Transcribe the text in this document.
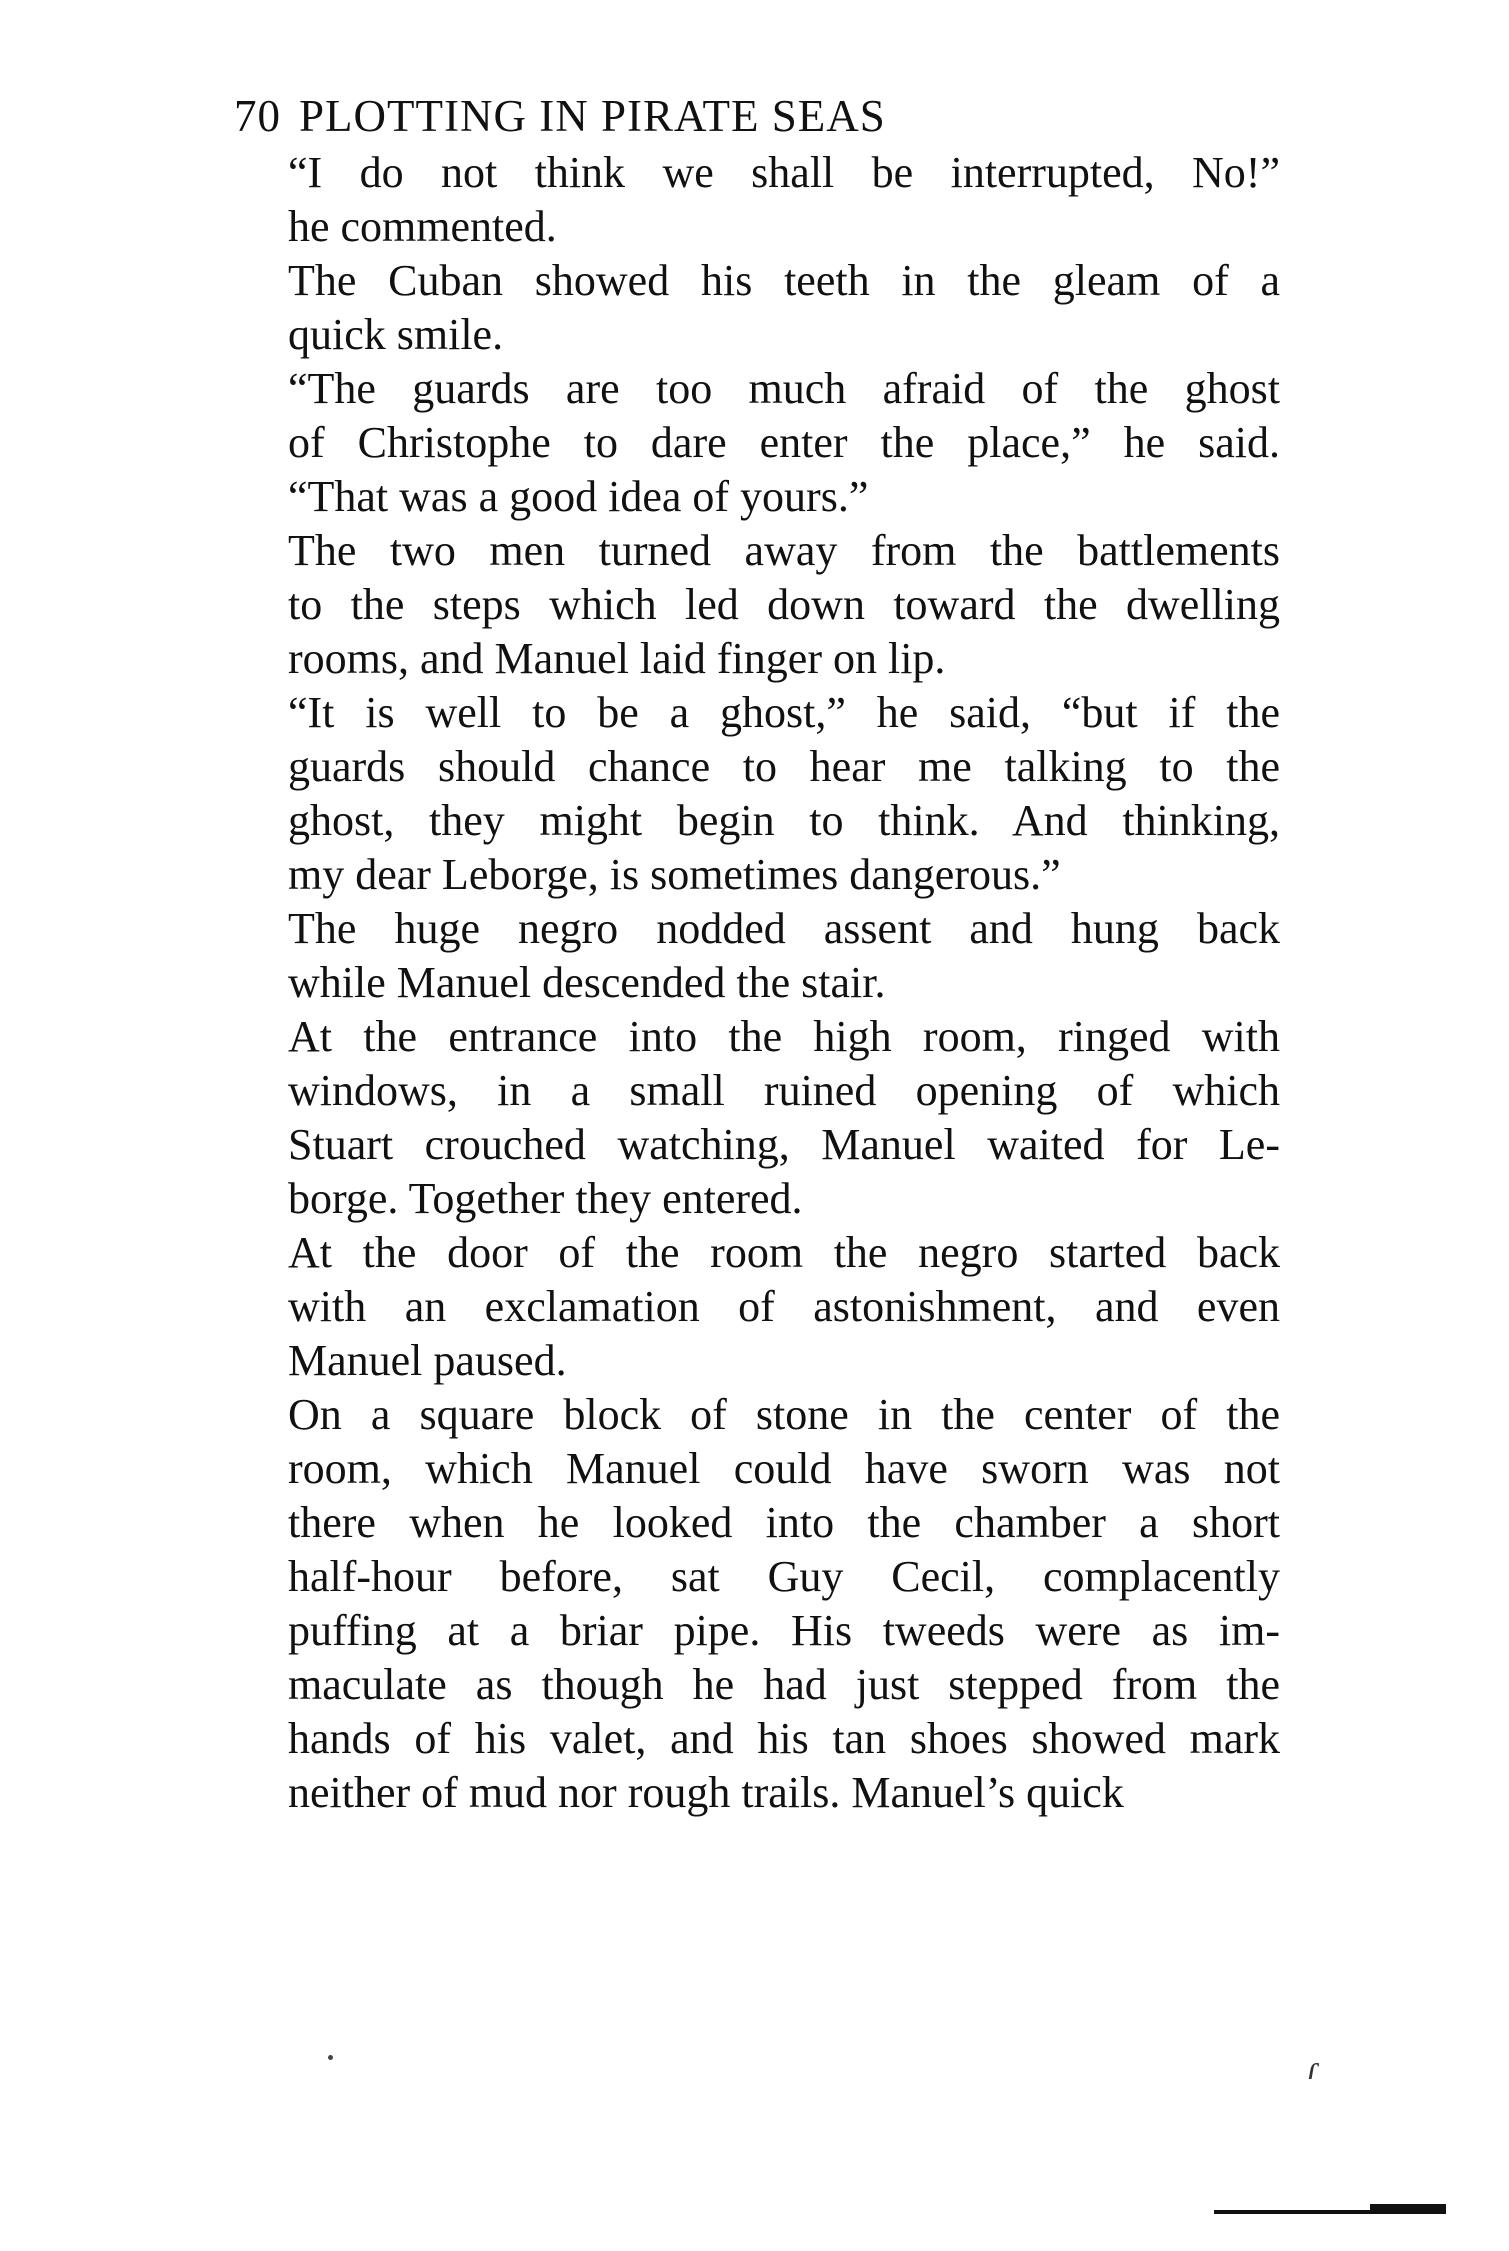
70 PLOTTING IN PIRATE SEAS
“I do not think we shall be interrupted, No!”
he commented.
The Cuban showed his teeth in the gleam of a
quick smile.
“The guards are too much afraid of the ghost
of Christophe to dare enter the place,” he said.
“That was a good idea of yours.”
The two men turned away from the battlements
to the steps which led down toward the dwelling
rooms, and Manuel laid finger on lip.
“It is well to be a ghost,” he said, “but if the
guards should chance to hear me talking to the
ghost, they might begin to think. And thinking,
my dear Leborge, is sometimes dangerous.”
The huge negro nodded assent and hung back
while Manuel descended the stair.
At the entrance into the high room, ringed with
windows, in a small ruined opening of which
Stuart crouched watching, Manuel waited for Le-
borge. Together they entered.
At the door of the room the negro started back
with an exclamation of astonishment, and even
Manuel paused.
On a square block of stone in the center of the
room, which Manuel could have sworn was not
there when he looked into the chamber a short
half-hour before, sat Guy Cecil, complacently
puffing at a briar pipe. His tweeds were as im-
maculate as though he had just stepped from the
hands of his valet, and his tan shoes showed mark
neither of mud nor rough trails. Manuel’s quick
ɾ
